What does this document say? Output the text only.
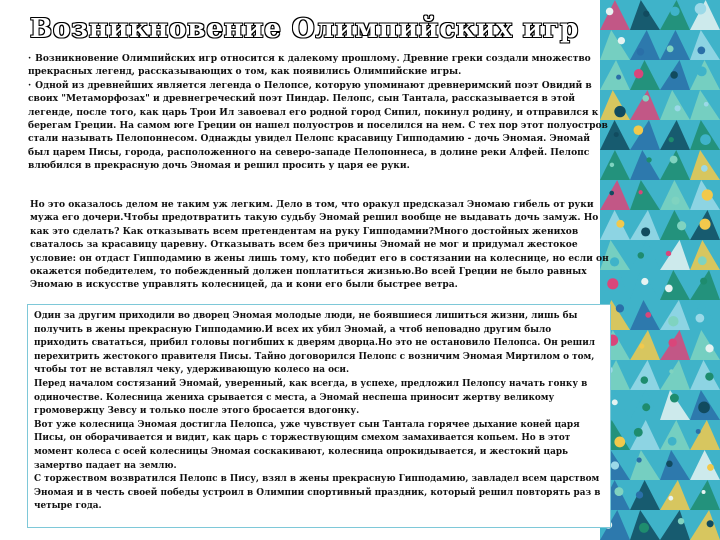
Возникновение Олимпийских игр

· Возникновение Олимпийских игр относится к далекому прошлому. Древние греки создали множество прекрасных легенд, рассказывающих о том, как появились Олимпийские игры.

· Одной из древнейших является легенда о Пелопсе, которую упоминают древнеримский поэт Овидий в своих "Метаморфозах" и древнегреческий поэт Пиндар. Пелопс, сын Тантала, рассказывается в этой легенде, после того, как царь Трои Ил завоевал его родной город Сипил, покинул родину, и отправился к берегам Греции. На самом юге Греции он нашел полуостров и поселился на нем. С тех пор этот полуостров стали называть Пелопоннесом. Однажды увидел Пелопс красавицу Гипподамию - дочь Эномая. Эномай был царем Писы, города, расположенного на северо-западе Пелопоннеса, в долине реки Алфей. Пелопс влюбился в прекрасную дочь Эномая и решил просить у царя ее руки.

Но это оказалось делом не таким уж легким. Дело в том, что оракул предсказал Эномаю гибель от руки мужа его дочери.Чтобы предотвратить такую судьбу Эномай решил вообще не выдавать дочь замуж. Но как это сделать? Как отказывать всем претендентам на руку Гипподамии?Много достойных женихов сваталось за красавицу царевну. Отказывать всем без причины Эномай не мог и придумал жестокое условие: он отдаст Гипподамию в жены лишь тому, кто победит его в состязании на колеснице, но если он окажется победителем, то побежденный должен поплатиться жизнью.Во всей Греции не было равных Эномаю в искусстве управлять колесницей, да и кони его были быстрее ветра.

Один за другим приходили во дворец Эномая молодые люди, не боявшиеся лишиться жизни, лишь бы получить в жены прекрасную Гипподамию.И всех их убил Эномай, а чтоб неповадно другим было приходить свататься, прибил головы погибших к дверям дворца.Но это не остановило Пелопса. Он решил перехитрить жестокого правителя Писы. Тайно договорился Пелопс с возничим Эномая Миртилом о том, чтобы тот не вставлял чеку, удерживающую колесо на оси.

Перед началом состязаний Эномай, уверенный, как всегда, в успехе, предложил Пелопсу начать гонку в одиночестве. Колесница жениха срывается с места, а Эномай неспеша приносит жертву великому громовержцу Зевсу и только после этого бросается вдогонку.

Вот уже колесница Эномая достигла Пелопса, уже чувствует сын Тантала горячее дыхание коней царя Писы, он оборачивается и видит, как царь с торжествующим смехом замахивается копьем. Но в этот момент колеса с осей колесницы Эномая соскакивают, колесница опрокидывается, и жестокий царь замертво падает на землю.

С торжеством возвратился Пелопс в Пису, взял в жены прекрасную Гипподамию, завладел всем царством Эномая и в честь своей победы устроил в Олимпии спортивный праздник, который решил повторять раз в четыре года.
